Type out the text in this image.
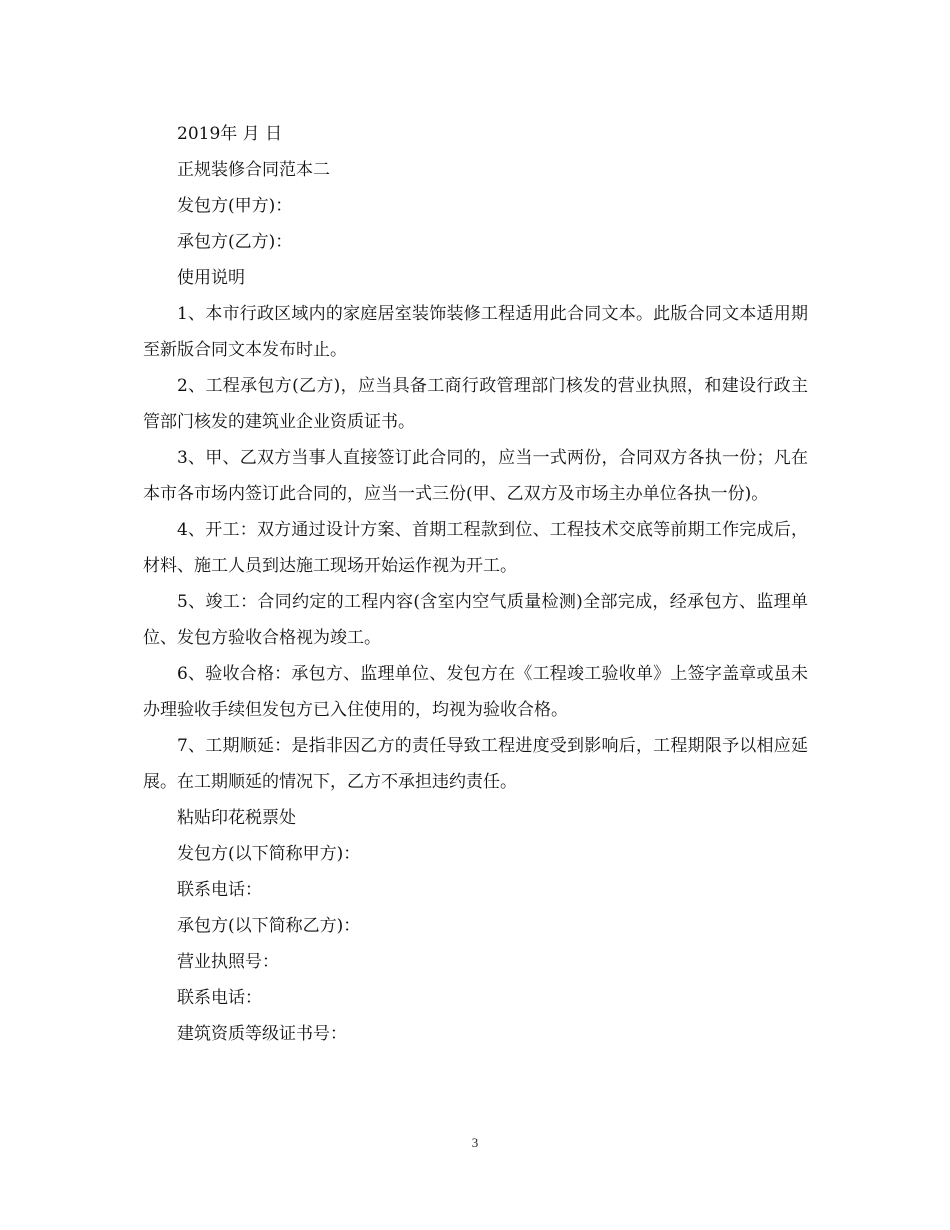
2019年 月 日

正规装修合同范本二

发包方(甲方)：

承包方(乙方)：

使用说明

1、本市行政区域内的家庭居室装饰装修工程适用此合同文本。此版合同文本适用期至新版合同文本发布时止。

2、工程承包方(乙方)，应当具备工商行政管理部门核发的营业执照，和建设行政主管部门核发的建筑业企业资质证书。

3、甲、乙双方当事人直接签订此合同的，应当一式两份，合同双方各执一份；凡在本市各市场内签订此合同的，应当一式三份(甲、乙双方及市场主办单位各执一份)。

4、开工：双方通过设计方案、首期工程款到位、工程技术交底等前期工作完成后，材料、施工人员到达施工现场开始运作视为开工。

5、竣工：合同约定的工程内容(含室内空气质量检测)全部完成，经承包方、监理单位、发包方验收合格视为竣工。

6、验收合格：承包方、监理单位、发包方在《工程竣工验收单》上签字盖章或虽未办理验收手续但发包方已入住使用的，均视为验收合格。

7、工期顺延：是指非因乙方的责任导致工程进度受到影响后，工程期限予以相应延展。在工期顺延的情况下，乙方不承担违约责任。

粘贴印花税票处

发包方(以下简称甲方)：

联系电话：

承包方(以下简称乙方)：

营业执照号：

联系电话：

建筑资质等级证书号：

3
